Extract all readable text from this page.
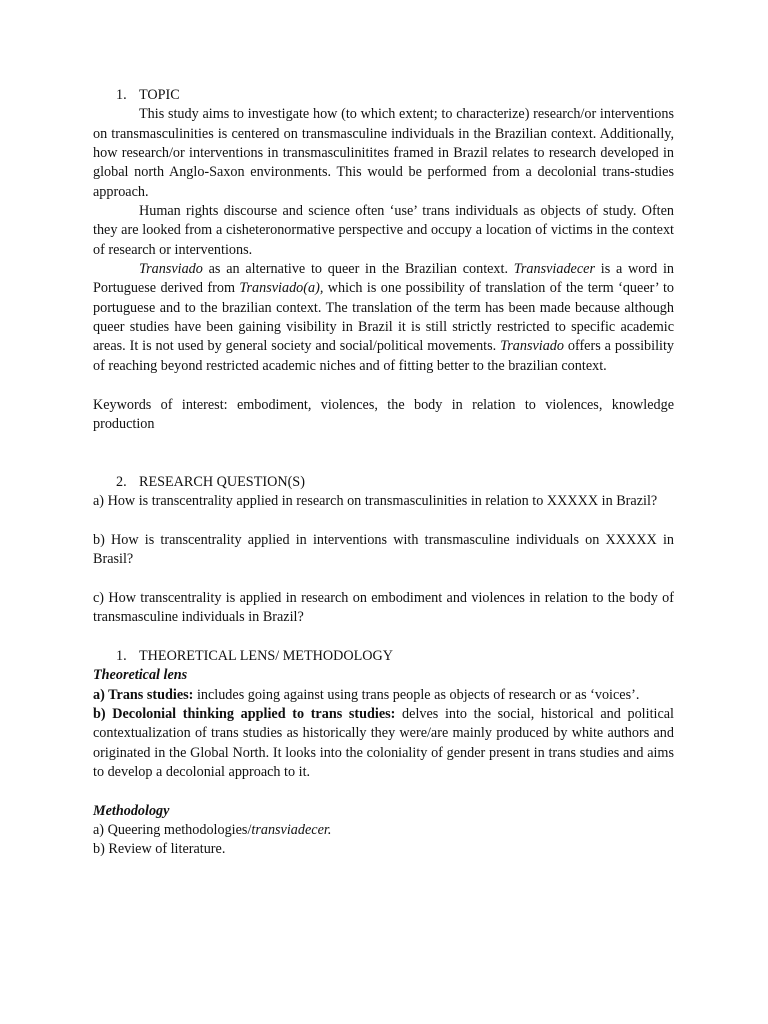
1. TOPIC

This study aims to investigate how (to which extent; to characterize) research/or interventions on transmasculinities is centered on transmasculine individuals in the Brazilian context. Additionally, how research/or interventions in transmasculinitites framed in Brazil relates to research developed in global north Anglo-Saxon environments. This would be performed from a decolonial trans-studies approach.

Human rights discourse and science often ‘use’ trans individuals as objects of study. Often they are looked from a cisheteronormative perspective and occupy a location of victims in the context of research or interventions.

Transviado as an alternative to queer in the Brazilian context. Transviadecer is a word in Portuguese derived from Transviado(a), which is one possibility of translation of the term ‘queer’ to portuguese and to the brazilian context. The translation of the term has been made because although queer studies have been gaining visibility in Brazil it is still strictly restricted to specific academic areas. It is not used by general society and social/political movements. Transviado offers a possibility of reaching beyond restricted academic niches and of fitting better to the brazilian context.

Keywords of interest: embodiment, violences, the body in relation to violences, knowledge production

2. RESEARCH QUESTION(S)

a) How is transcentrality applied in research on transmasculinities in relation to XXXXX in Brazil?

b) How is transcentrality applied in interventions with transmasculine individuals on XXXXX in Brasil?

c) How transcentrality is applied in research on embodiment and violences in relation to the body of transmasculine individuals in Brazil?

1. THEORETICAL LENS/ METHODOLOGY

Theoretical lens

a) Trans studies: includes going against using trans people as objects of research or as ‘voices’.

b) Decolonial thinking applied to trans studies: delves into the social, historical and political contextualization of trans studies as historically they were/are mainly produced by white authors and originated in the Global North. It looks into the coloniality of gender present in trans studies and aims to develop a decolonial approach to it.

Methodology

a) Queering methodologies/transviadecer.

b) Review of literature.
